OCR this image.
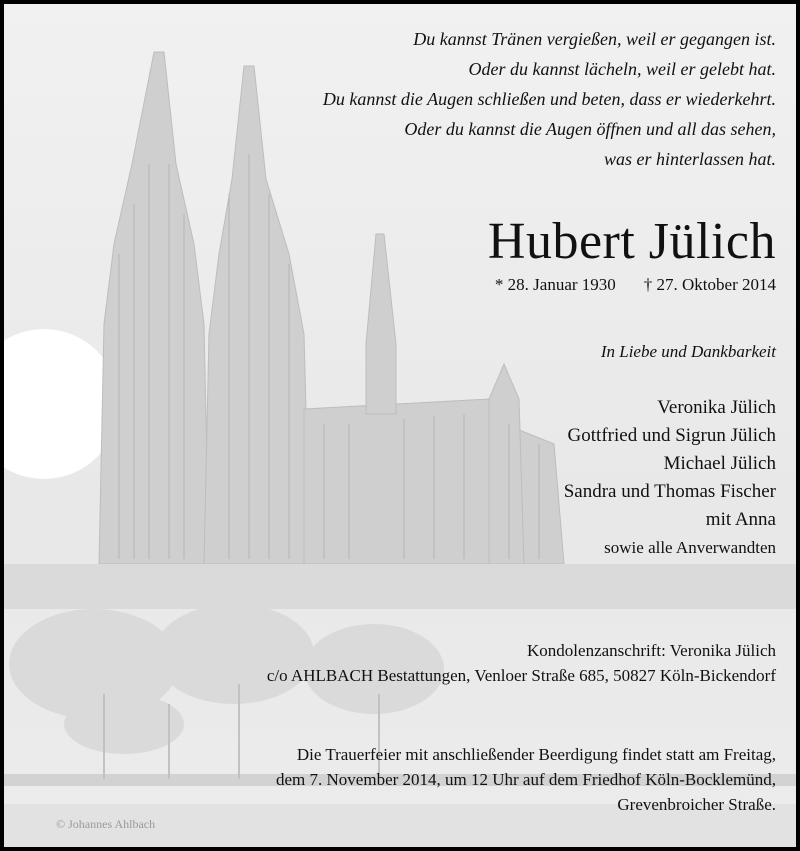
Du kannst Tränen vergießen, weil er gegangen ist.
Oder du kannst lächeln, weil er gelebt hat.
Du kannst die Augen schließen und beten, dass er wiederkehrt.
Oder du kannst die Augen öffnen und all das sehen,
was er hinterlassen hat.
Hubert Jülich
* 28. Januar 1930 † 27. Oktober 2014
In Liebe und Dankbarkeit
Veronika Jülich
Gottfried und Sigrun Jülich
Michael Jülich
Sandra und Thomas Fischer
mit Anna
sowie alle Anverwandten
Kondolenzanschrift: Veronika Jülich
c/o AHLBACH Bestattungen, Venloer Straße 685, 50827 Köln-Bickendorf
Die Trauerfeier mit anschließender Beerdigung findet statt am Freitag,
dem 7. November 2014, um 12 Uhr auf dem Friedhof Köln-Bocklemünd,
Grevenbroicher Straße.
© Johannes Ahlbach
